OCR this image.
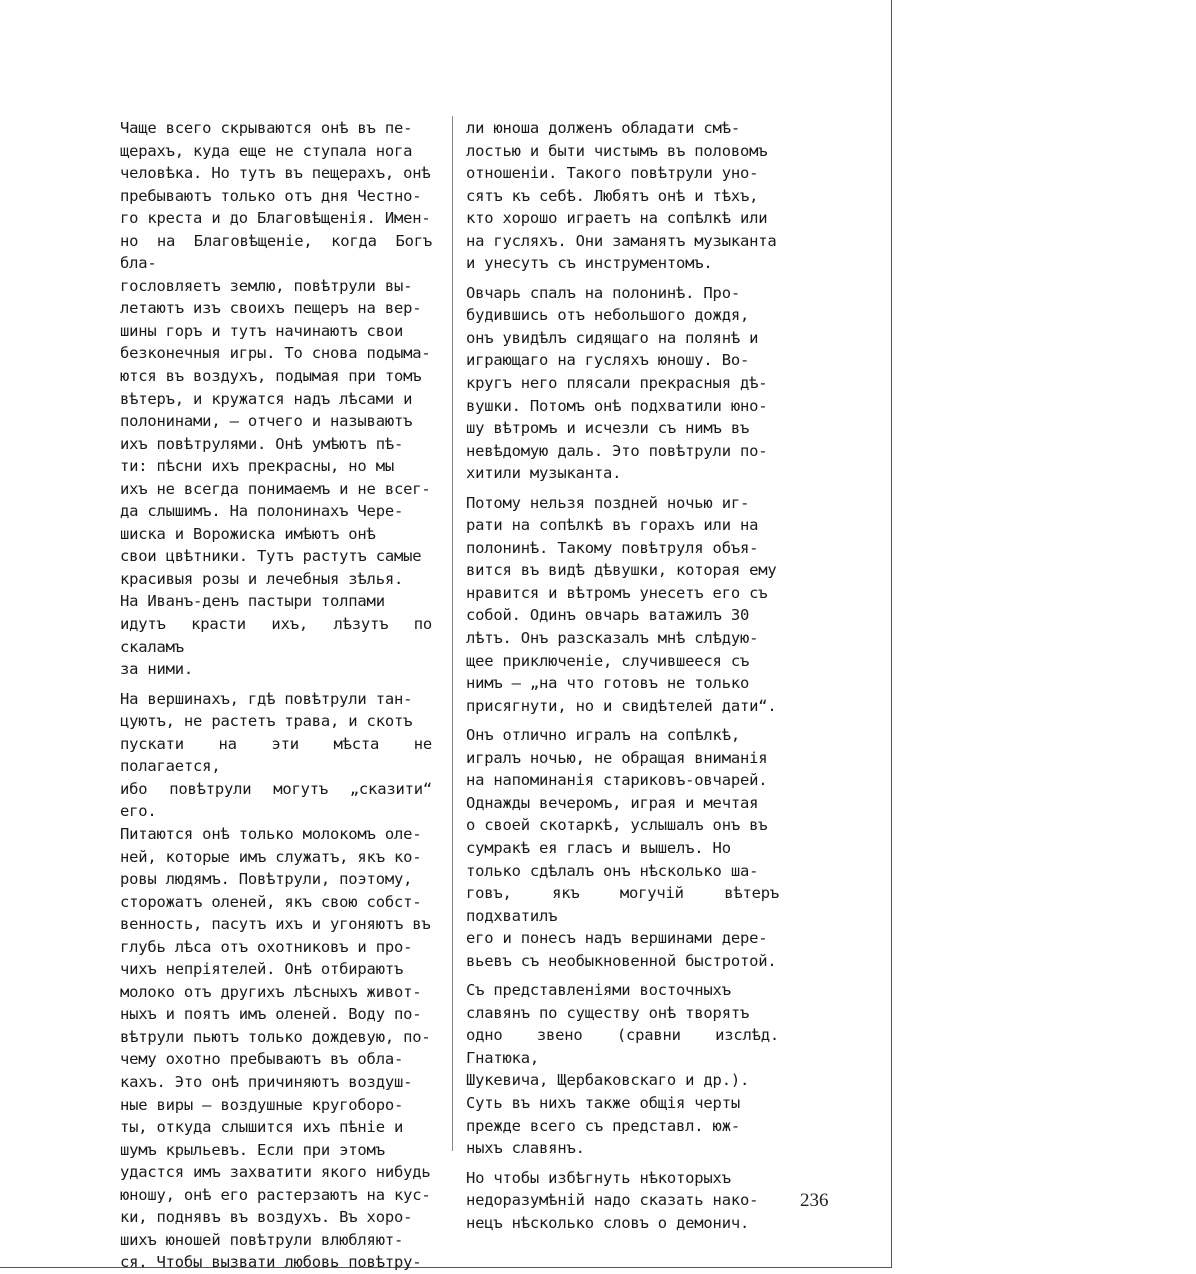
Чаще всего скрываются онѣ въ пе-
щерахъ, куда еще не ступала нога
человѣка. Но тутъ въ пещерахъ, онѣ
пребываютъ только отъ дня Честно-
го креста и до Благовѣщенія. Имен-
но на Благовѣщеніе, когда Богъ бла-
гословляетъ землю, повѣтрули вы-
летаютъ изъ своихъ пещеръ на вер-
шины горъ и тутъ начинаютъ свои
безконечныя игры. То снова подыма-
ются въ воздухъ, подымая при томъ
вѣтеръ, и кружатся надъ лѣсами и
полонинами, — отчего и называютъ
ихъ повѣтрулями. Онѣ умѣютъ пѣ-
ти: пѣсни ихъ прекрасны, но мы
ихъ не всегда понимаемъ и не всег-
да слышимъ. На полонинахъ Чере-
шиска и Ворожиска имѣютъ онѣ
свои цвѣтники. Тутъ растутъ самые
красивыя розы и лечебныя зѣлья.
На Иванъ-денъ пастыри толпами
идутъ красти ихъ, лѣзутъ по скаламъ
за ними.

На вершинахъ, гдѣ повѣтрули тан-
цуютъ, не растетъ трава, и скотъ
пускати на эти мѣста не полагается,
ибо повѣтрули могутъ „сказити“ его.
Питаются онѣ только молокомъ оле-
ней, которые имъ служатъ, якъ ко-
ровы людямъ. Повѣтрули, поэтому,
сторожатъ оленей, якъ свою собст-
венность, пасутъ ихъ и угоняютъ въ
глубь лѣса отъ охотниковъ и про-
чихъ непріятелей. Онѣ отбираютъ
молоко отъ другихъ лѣсныхъ живот-
ныхъ и поятъ имъ оленей. Воду по-
вѣтрули пьютъ только дождевую, по-
чему охотно пребываютъ въ обла-
кахъ. Это онѣ причиняютъ воздуш-
ные виры — воздушные кругоборо-
ты, откуда слышится ихъ пѣніе и
шумъ крыльевъ. Если при этомъ
удастся имъ захватити якого нибудь
юношу, онѣ его растерзаютъ на кус-
ки, поднявъ въ воздухъ. Въ хоро-
шихъ юношей повѣтрули влюбляют-
ся. Чтобы вызвати любовь повѣтру-

ли юноша долженъ обладати смѣ-
лостью и быти чистымъ въ половомъ
отношеніи. Такого повѣтрули уно-
сятъ къ себѣ. Любятъ онѣ и тѣхъ,
кто хорошо играетъ на сопѣлкѣ или
на гусляхъ. Они заманятъ музыканта
и унесутъ съ инструментомъ.

Овчарь спалъ на полонинѣ. Про-
будившись отъ небольшого дождя,
онъ увидѣлъ сидящаго на полянѣ и
играющаго на гусляхъ юношу. Во-
кругъ него плясали прекрасныя дѣ-
вушки. Потомъ онѣ подхватили юно-
шу вѣтромъ и исчезли съ нимъ въ
невѣдомую даль. Это повѣтрули по-
хитили музыканта.

Потому нельзя поздней ночью иг-
рати на сопѣлкѣ въ горахъ или на
полонинѣ. Такому повѣтруля объя-
вится въ видѣ дѣвушки, которая ему
нравится и вѣтромъ унесетъ его съ
собой. Одинъ овчарь ватажилъ 30
лѣтъ. Онъ разсказалъ мнѣ слѣдую-
щее приключеніе, случившееся съ
нимъ — „на что готовъ не только
присягнути, но и свидѣтелей дати“.

Онъ отлично игралъ на сопѣлкѣ,
игралъ ночью, не обращая вниманія
на напоминанія стариковъ-овчарей.
Однажды вечеромъ, играя и мечтая
о своей скотаркѣ, услышалъ онъ въ
сумракѣ ея гласъ и вышелъ. Но
только сдѣлалъ онъ нѣсколько ша-
говъ, якъ могучій вѣтеръ подхватилъ
его и понесъ надъ вершинами дере-
вьевъ съ необыкновенной быстротой.

Съ представленіями восточныхъ
славянъ по существу онѣ творятъ
одно звено (сравни изслѣд. Гнатюка,
Шукевича, Щербаковскаго и др.).
Суть въ нихъ также общія черты
прежде всего съ представл. юж-
ныхъ славянъ.

Но чтобы избѣгнуть нѣкоторыхъ
недоразумѣній надо сказать нако-
нецъ нѣсколько словъ о демонич.

236
